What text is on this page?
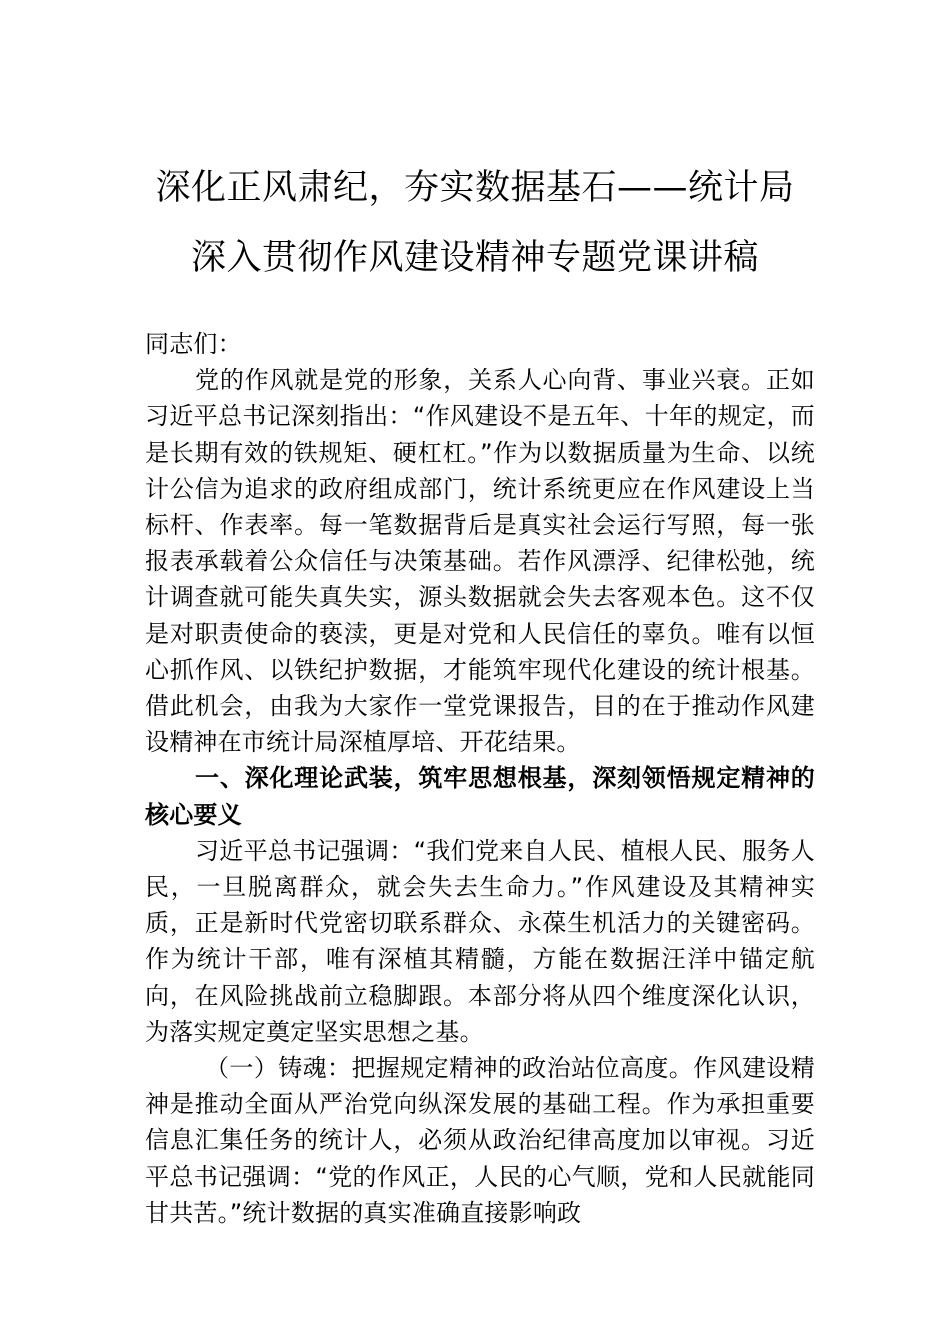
深化正风肃纪，夯实数据基石——统计局
深入贯彻作风建设精神专题党课讲稿

同志们：

党的作风就是党的形象，关系人心向背、事业兴衰。正如习近平总书记深刻指出：“作风建设不是五年、十年的规定，而是长期有效的铁规矩、硬杠杠。”作为以数据质量为生命、以统计公信为追求的政府组成部门，统计系统更应在作风建设上当标杆、作表率。每一笔数据背后是真实社会运行写照，每一张报表承载着公众信任与决策基础。若作风漂浮、纪律松弛，统计调查就可能失真失实，源头数据就会失去客观本色。这不仅是对职责使命的亵渎，更是对党和人民信任的辜负。唯有以恒心抓作风、以铁纪护数据，才能筑牢现代化建设的统计根基。借此机会，由我为大家作一堂党课报告，目的在于推动作风建设精神在市统计局深植厚培、开花结果。

一、深化理论武装，筑牢思想根基，深刻领悟规定精神的核心要义

习近平总书记强调：“我们党来自人民、植根人民、服务人民，一旦脱离群众，就会失去生命力。”作风建设及其精神实质，正是新时代党密切联系群众、永葆生机活力的关键密码。作为统计干部，唯有深植其精髓，方能在数据汪洋中锚定航向，在风险挑战前立稳脚跟。本部分将从四个维度深化认识，为落实规定奠定坚实思想之基。

（一）铸魂：把握规定精神的政治站位高度。作风建设精神是推动全面从严治党向纵深发展的基础工程。作为承担重要信息汇集任务的统计人，必须从政治纪律高度加以审视。习近平总书记强调：“党的作风正，人民的心气顺，党和人民就能同甘共苦。”统计数据的真实准确直接影响政
